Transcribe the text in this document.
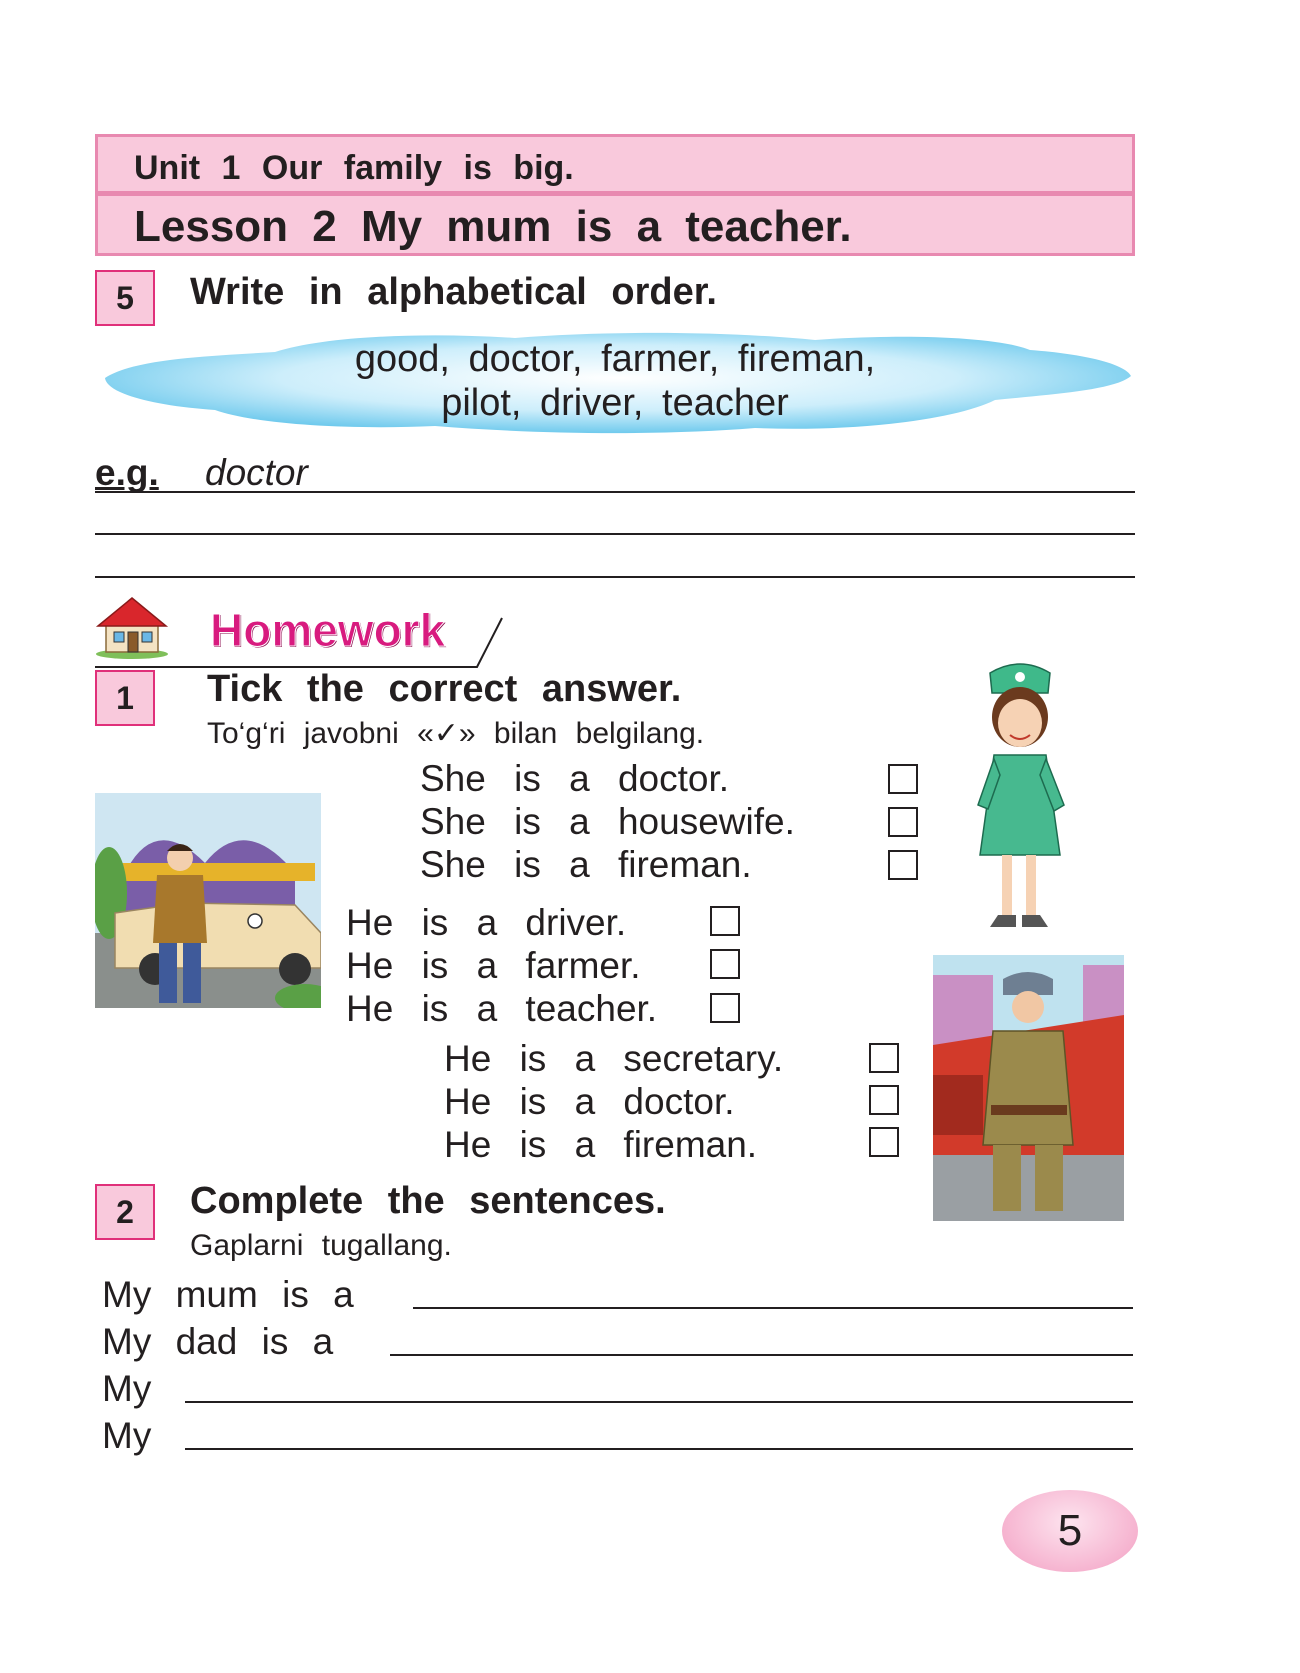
Unit 1 Our family is big.
Lesson 2 My mum is a teacher.
5	Write in alphabetical order.
good, doctor, farmer, fireman,
pilot, driver, teacher
e.g. doctor
Homework
1	Tick the correct answer.
To‘g‘ri javobni «✓» bilan belgilang.
She is a doctor.
She is a housewife.
She is a fireman.
He is a driver.
He is a farmer.
He is a teacher.
He is a secretary.
He is a doctor.
He is a fireman.
2	Complete the sentences.
Gaplarni tugallang.
My mum is a
My dad is a
My
My
5
